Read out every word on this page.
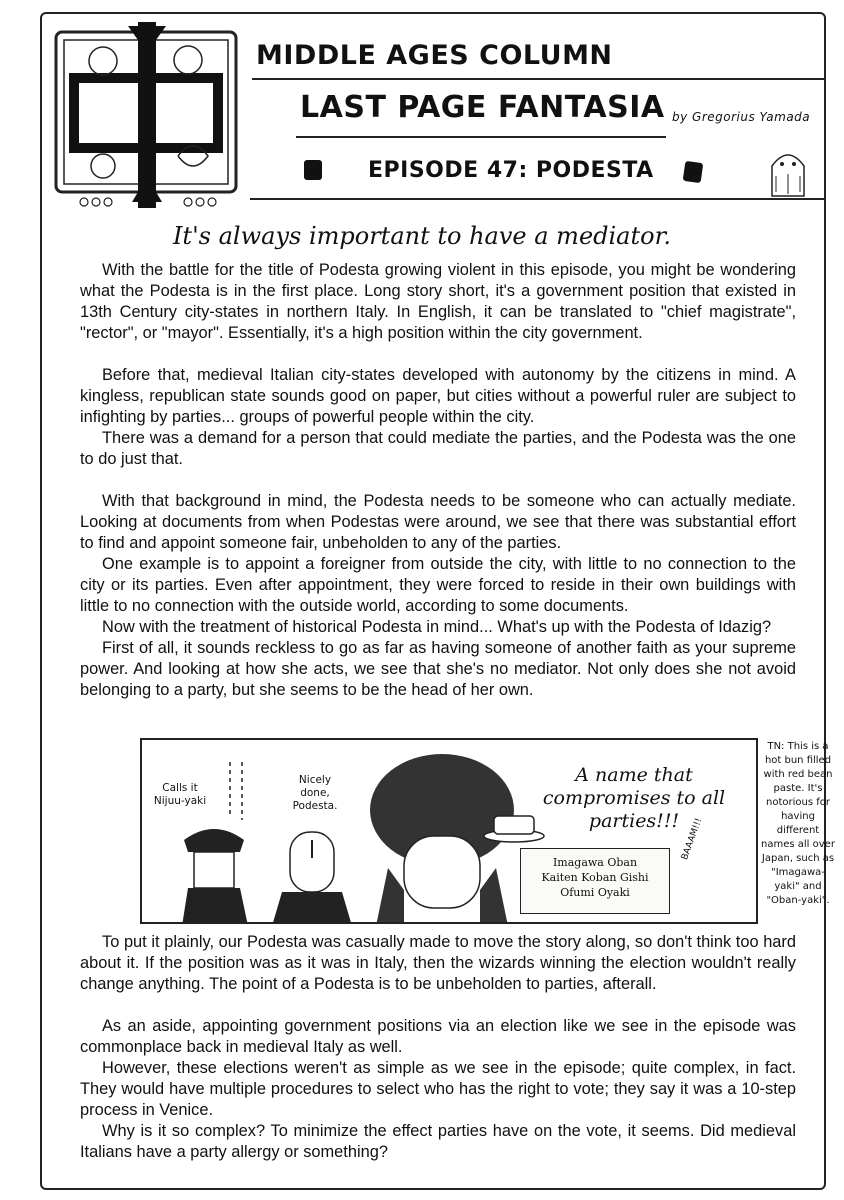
MIDDLE AGES COLUMN
LAST PAGE FANTASIA by Gregorius Yamada
EPISODE 47: PODESTA
It's always important to have a mediator.

With the battle for the title of Podesta growing violent in this episode, you might be wondering what the Podesta is in the first place. Long story short, it's a government position that existed in 13th Century city-states in northern Italy. In English, it can be translated to "chief magistrate", "rector", or "mayor". Essentially, it's a high position within the city government.

Before that, medieval Italian city-states developed with autonomy by the citizens in mind. A kingless, republican state sounds good on paper, but cities without a powerful ruler are subject to infighting by parties... groups of powerful people within the city.

There was a demand for a person that could mediate the parties, and the Podesta was the one to do just that.

With that background in mind, the Podesta needs to be someone who can actually mediate. Looking at documents from when Podestas were around, we see that there was substantial effort to find and appoint someone fair, unbeholden to any of the parties.

One example is to appoint a foreigner from outside the city, with little to no connection to the city or its parties. Even after appointment, they were forced to reside in their own buildings with little to no connection with the outside world, according to some documents.

Now with the treatment of historical Podesta in mind... What's up with the Podesta of Idazig?

First of all, it sounds reckless to go as far as having someone of another faith as your supreme power. And looking at how she acts, we see that she's no mediator. Not only does she not avoid belonging to a party, but she seems to be the head of her own.

Calls it Nijuu-yaki
Nicely done, Podesta.
A name that compromises to all parties!!!
Imagawa Oban
Kaiten Koban Gishi
Ofumi Oyaki
BAAAM!!!
TN: This is a hot bun filled with red bean paste. It's notorious for having different names all over Japan, such as "Imagawa-yaki" and "Oban-yaki".

To put it plainly, our Podesta was casually made to move the story along, so don't think too hard about it. If the position was as it was in Italy, then the wizards winning the election wouldn't really change anything. The point of a Podesta is to be unbeholden to parties, afterall.

As an aside, appointing government positions via an election like we see in the episode was commonplace back in medieval Italy as well.

However, these elections weren't as simple as we see in the episode; quite complex, in fact. They would have multiple procedures to select who has the right to vote; they say it was a 10-step process in Venice.

Why is it so complex? To minimize the effect parties have on the vote, it seems. Did medieval Italians have a party allergy or something?
